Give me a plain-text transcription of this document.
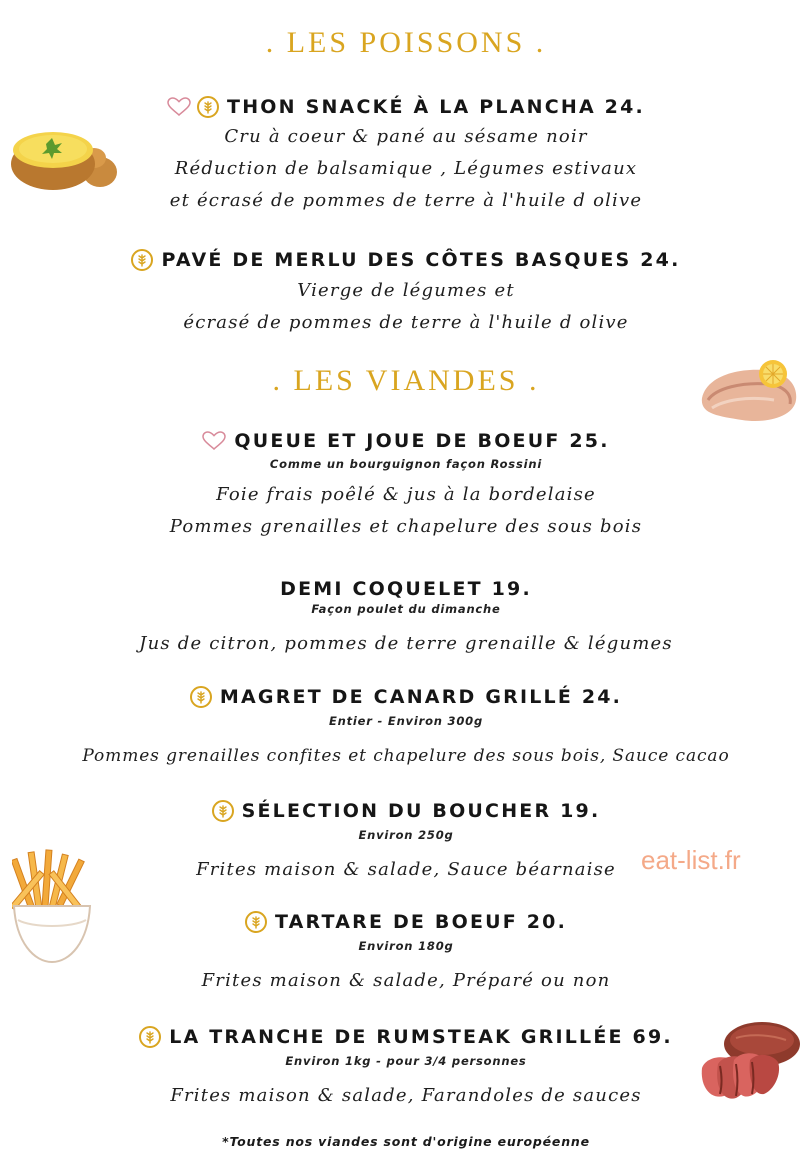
. LES POISSONS .
. LES VIANDES .
THON SNACKÉ À LA PLANCHA 24.
Cru à coeur & pané au sésame noir
Réduction de balsamique , Légumes estivaux
et écrasé de pommes de terre à l'huile d olive
PAVÉ DE MERLU DES CÔTES BASQUES 24.
Vierge de légumes et
écrasé de pommes de terre à l'huile d olive
QUEUE ET JOUE DE BOEUF 25.
Comme un bourguignon façon Rossini
Foie frais poêlé & jus à la bordelaise
Pommes grenailles et chapelure des sous bois
DEMI COQUELET 19.
Façon poulet du dimanche
Jus de citron, pommes de terre grenaille & légumes
MAGRET DE CANARD GRILLÉ 24.
Entier - Environ 300g
Pommes grenailles confites et chapelure des sous bois, Sauce cacao
SÉLECTION DU BOUCHER 19.
Environ 250g
Frites maison & salade, Sauce béarnaise
TARTARE DE BOEUF 20.
Environ 180g
Frites maison & salade, Préparé ou non
LA TRANCHE DE RUMSTEAK GRILLÉE 69.
Environ 1kg - pour 3/4 personnes
Frites maison & salade, Farandoles de sauces
eat-list.fr
*Toutes nos viandes sont d'origine européenne
